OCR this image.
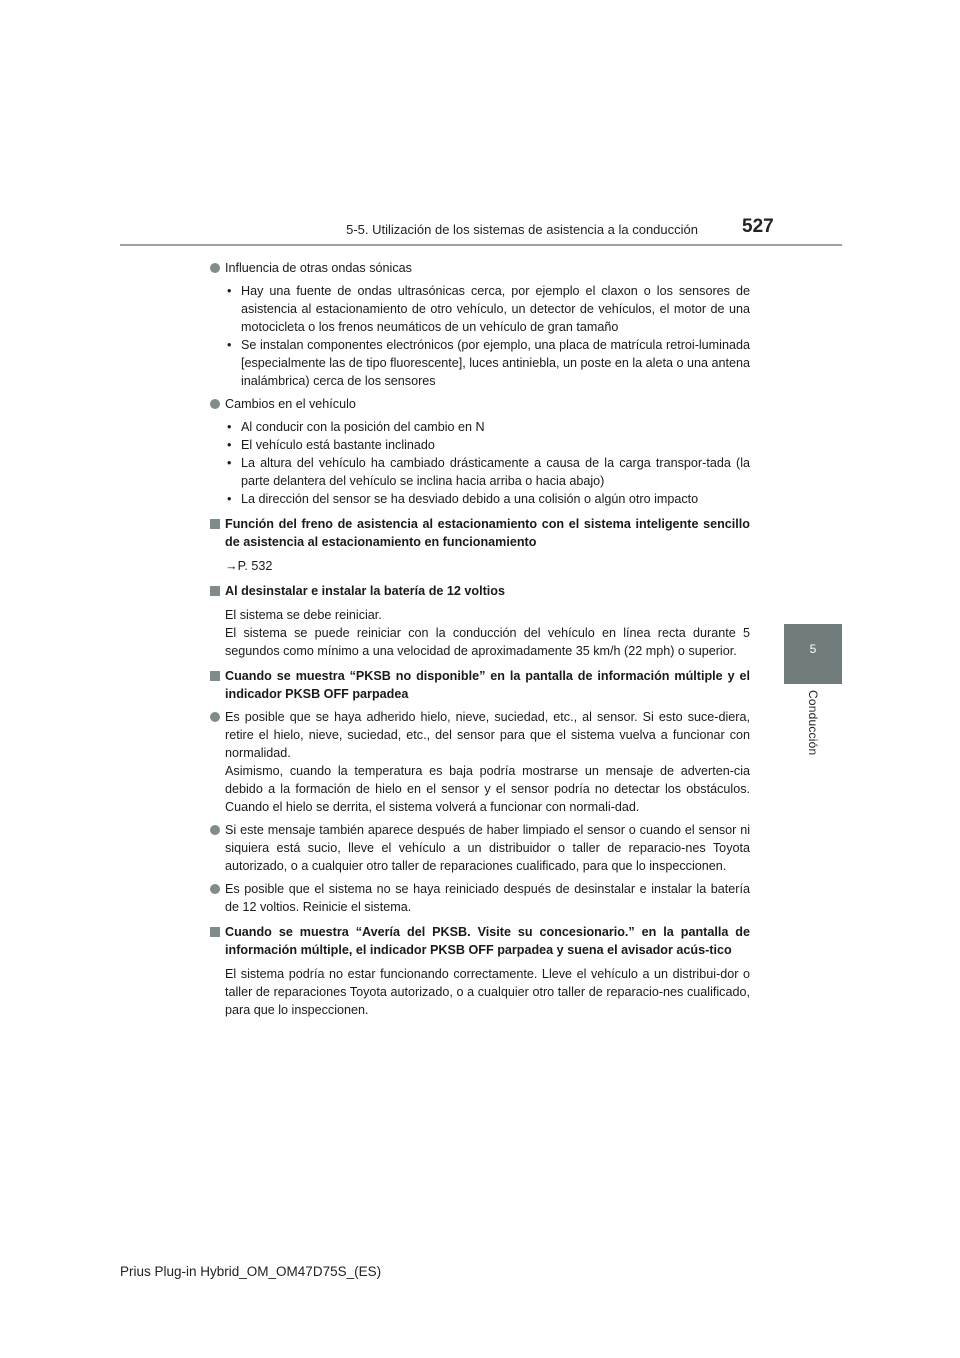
5-5. Utilización de los sistemas de asistencia a la conducción 527
5
Conducción
Influencia de otras ondas sónicas
• Hay una fuente de ondas ultrasónicas cerca, por ejemplo el claxon o los sensores de asistencia al estacionamiento de otro vehículo, un detector de vehículos, el motor de una motocicleta o los frenos neumáticos de un vehículo de gran tamaño
• Se instalan componentes electrónicos (por ejemplo, una placa de matrícula retroi-luminada [especialmente las de tipo fluorescente], luces antiniebla, un poste en la aleta o una antena inalámbrica) cerca de los sensores
Cambios en el vehículo
• Al conducir con la posición del cambio en N
• El vehículo está bastante inclinado
• La altura del vehículo ha cambiado drásticamente a causa de la carga transpor-tada (la parte delantera del vehículo se inclina hacia arriba o hacia abajo)
• La dirección del sensor se ha desviado debido a una colisión o algún otro impacto
Función del freno de asistencia al estacionamiento con el sistema inteligente sencillo de asistencia al estacionamiento en funcionamiento
→P. 532
Al desinstalar e instalar la batería de 12 voltios
El sistema se debe reiniciar.
El sistema se puede reiniciar con la conducción del vehículo en línea recta durante 5 segundos como mínimo a una velocidad de aproximadamente 35 km/h (22 mph) o superior.
Cuando se muestra “PKSB no disponible” en la pantalla de información múltiple y el indicador PKSB OFF parpadea
Es posible que se haya adherido hielo, nieve, suciedad, etc., al sensor. Si esto suce-diera, retire el hielo, nieve, suciedad, etc., del sensor para que el sistema vuelva a funcionar con normalidad.
Asimismo, cuando la temperatura es baja podría mostrarse un mensaje de adverten-cia debido a la formación de hielo en el sensor y el sensor podría no detectar los obstáculos. Cuando el hielo se derrita, el sistema volverá a funcionar con normali-dad.
Si este mensaje también aparece después de haber limpiado el sensor o cuando el sensor ni siquiera está sucio, lleve el vehículo a un distribuidor o taller de reparacio-nes Toyota autorizado, o a cualquier otro taller de reparaciones cualificado, para que lo inspeccionen.
Es posible que el sistema no se haya reiniciado después de desinstalar e instalar la batería de 12 voltios. Reinicie el sistema.
Cuando se muestra “Avería del PKSB. Visite su concesionario.” en la pantalla de información múltiple, el indicador PKSB OFF parpadea y suena el avisador acús-tico
El sistema podría no estar funcionando correctamente. Lleve el vehículo a un distribui-dor o taller de reparaciones Toyota autorizado, o a cualquier otro taller de reparacio-nes cualificado, para que lo inspeccionen.
Prius Plug-in Hybrid_OM_OM47D75S_(ES)
